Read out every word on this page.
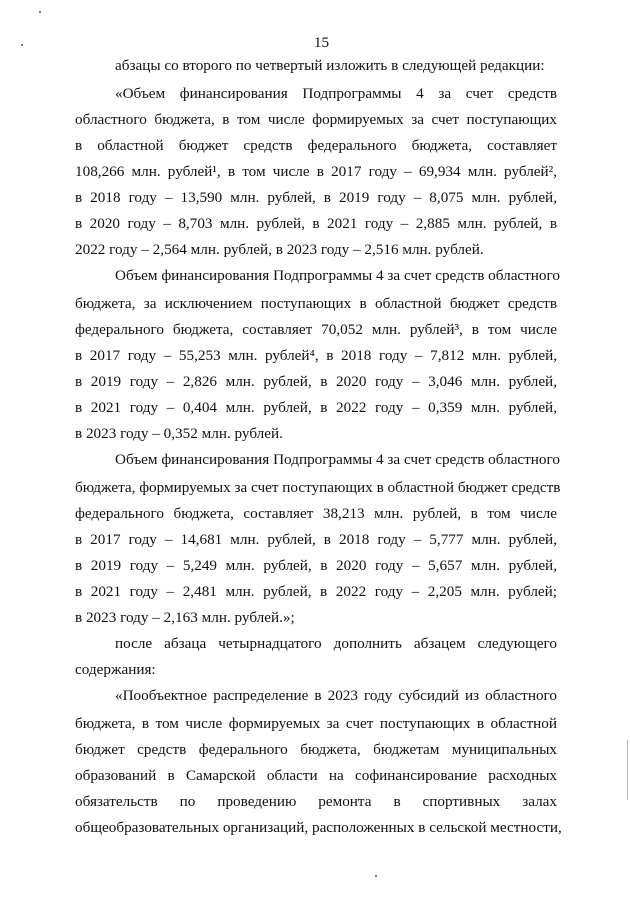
15
абзацы со второго по четвертый изложить в следующей редакции:
«Объем финансирования Подпрограммы 4 за счет средств
областного бюджета, в том числе формируемых за счет поступающих
в областной бюджет средств федерального бюджета, составляет
108,266 млн. рублей¹, в том числе в 2017 году – 69,934 млн. рублей²,
в 2018 году – 13,590 млн. рублей, в 2019 году – 8,075 млн. рублей,
в 2020 году – 8,703 млн. рублей, в 2021 году – 2,885 млн. рублей, в
2022 году – 2,564 млн. рублей, в 2023 году – 2,516 млн. рублей.
Объем финансирования Подпрограммы 4 за счет средств областного
бюджета, за исключением поступающих в областной бюджет средств
федерального бюджета, составляет 70,052 млн. рублей³, в том числе
в 2017 году – 55,253 млн. рублей⁴, в 2018 году – 7,812 млн. рублей,
в 2019 году – 2,826 млн. рублей, в 2020 году – 3,046 млн. рублей,
в 2021 году – 0,404 млн. рублей, в 2022 году – 0,359 млн. рублей,
в 2023 году – 0,352 млн. рублей.
Объем финансирования Подпрограммы 4 за счет средств областного
бюджета, формируемых за счет поступающих в областной бюджет средств
федерального бюджета, составляет 38,213 млн. рублей, в том числе
в 2017 году – 14,681 млн. рублей, в 2018 году – 5,777 млн. рублей,
в 2019 году – 5,249 млн. рублей, в 2020 году – 5,657 млн. рублей,
в 2021 году – 2,481 млн. рублей, в 2022 году – 2,205 млн. рублей;
в 2023 году – 2,163 млн. рублей.»;
после абзаца четырнадцатого дополнить абзацем следующего
содержания:
«Пообъектное распределение в 2023 году субсидий из областного
бюджета, в том числе формируемых за счет поступающих в областной
бюджет средств федерального бюджета, бюджетам муниципальных
образований в Самарской области на софинансирование расходных
обязательств по проведению ремонта в спортивных залах
общеобразовательных организаций, расположенных в сельской местности,
